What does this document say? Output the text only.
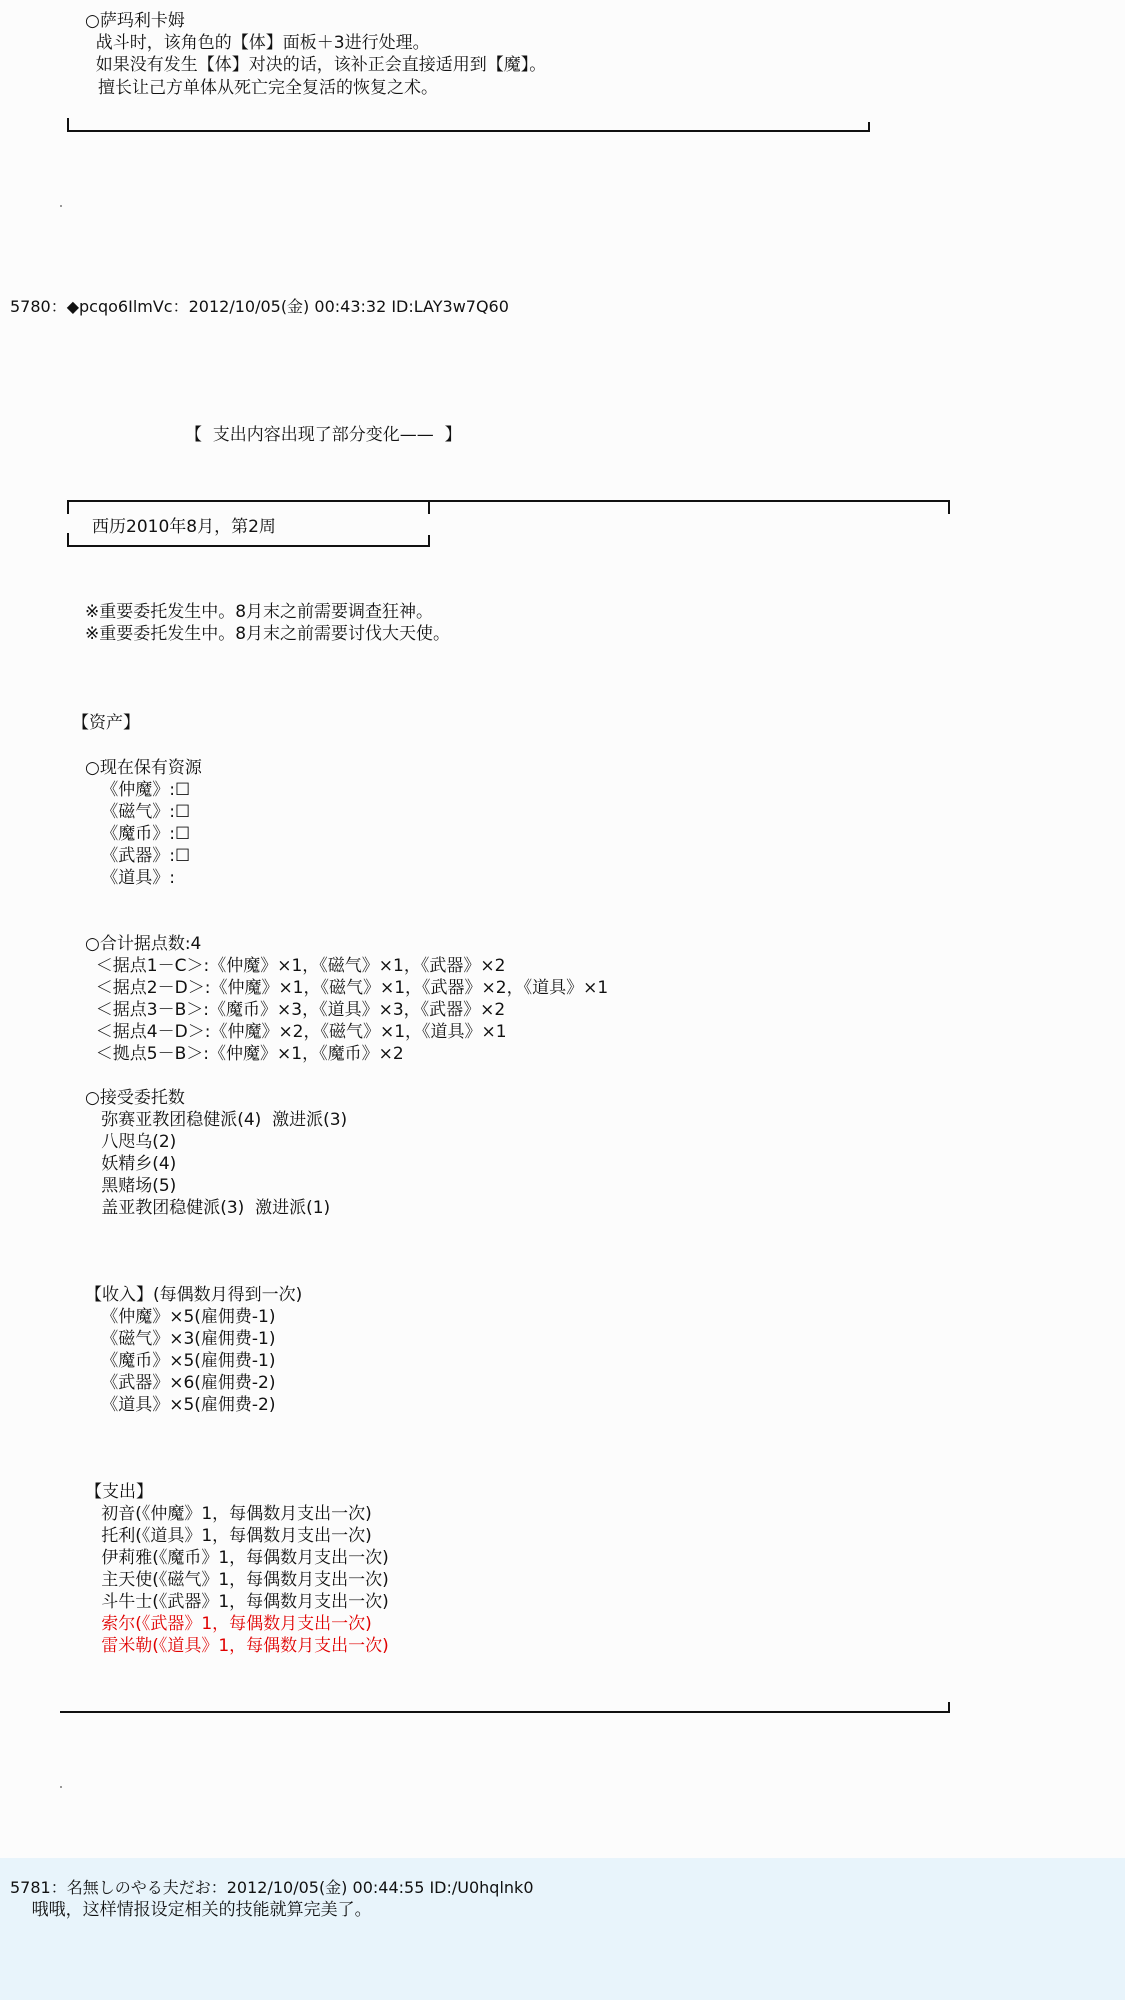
○萨玛利卡姆
战斗时，该角色的【体】面板＋3进行处理。
如果没有发生【体】对决的话，该补正会直接适用到【魔】。
擅长让己方单体从死亡完全复活的恢复之术。
5780：◆pcqo6IlmVc：2012/10/05(金) 00:43:32 ID:LAY3w7Q60
【  支出内容出现了部分变化——  】
西历2010年8月，第2周
※重要委托发生中。8月末之前需要调查狂神。
※重要委托发生中。8月末之前需要讨伐大天使。
【资产】
○现在保有资源
《仲魔》:☐
《磁气》:☐
《魔币》:☐
《武器》:☐
《道具》:
○合计据点数:4
＜据点1－C＞:《仲魔》×1，《磁气》×1，《武器》×2
＜据点2－D＞:《仲魔》×1，《磁气》×1，《武器》×2，《道具》×1
＜据点3－B＞:《魔币》×3，《道具》×3，《武器》×2
＜据点4－D＞:《仲魔》×2，《磁气》×1，《道具》×1
＜拠点5－B＞:《仲魔》×1，《魔币》×2
○接受委托数
弥赛亚教团稳健派(4)  激进派(3)
八咫乌(2)
妖精乡(4)
黑赌场(5)
盖亚教团稳健派(3)  激进派(1)
【收入】(每偶数月得到一次)
《仲魔》×5(雇佣费-1)
《磁气》×3(雇佣费-1)
《魔币》×5(雇佣费-1)
《武器》×6(雇佣费-2)
《道具》×5(雇佣费-2)
【支出】
初音(《仲魔》1，每偶数月支出一次)
托利(《道具》1，每偶数月支出一次)
伊莉雅(《魔币》1，每偶数月支出一次)
主天使(《磁气》1，每偶数月支出一次)
斗牛士(《武器》1，每偶数月支出一次)
索尔(《武器》1，每偶数月支出一次)
雷米勒(《道具》1，每偶数月支出一次)
5781：名無しのやる夫だお：2012/10/05(金) 00:44:55 ID:/U0hqlnk0
哦哦，这样情报设定相关的技能就算完美了。
